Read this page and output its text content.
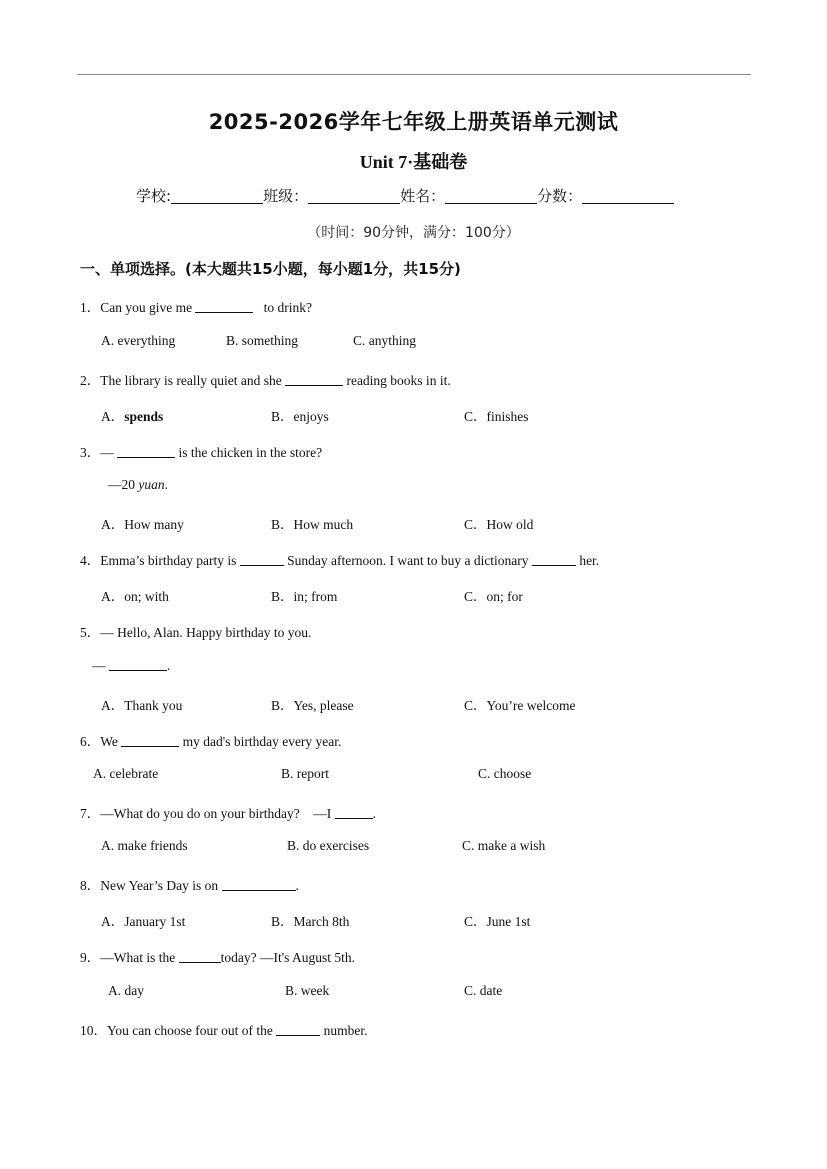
2025-2026学年七年级上册英语单元测试
Unit 7·基础卷
学校:	班级：	姓名：	分数：
（时间：90分钟，满分：100分）
一、单项选择。(本大题共15小题，每小题1分，共15分)
1．Can you give me	to drink?
A. everything	B. something	C. anything
2．The library is really quiet and she	reading books in it.
A．spends	B．enjoys	C．finishes
3．—	is the chicken in the store?
—20 yuan.
A．How many	B．How much	C．How old
4．Emma’s birthday party is	Sunday afternoon. I want to buy a dictionary	her.
A．on; with	B．in; from	C．on; for
5．— Hello, Alan. Happy birthday to you.
—	.
A．Thank you	B．Yes, please	C．You’re welcome
6．We	my dad's birthday every year.
A. celebrate	B. report	C. choose
7．—What do you do on your birthday?    —I	.
A. make friends	B. do exercises	C. make a wish
8．New Year’s Day is on	.
A．January 1st	B．March 8th	C．June 1st
9．—What is the	today? —It's August 5th.
A. day	B. week	C. date
10．You can choose four out of the	number.
